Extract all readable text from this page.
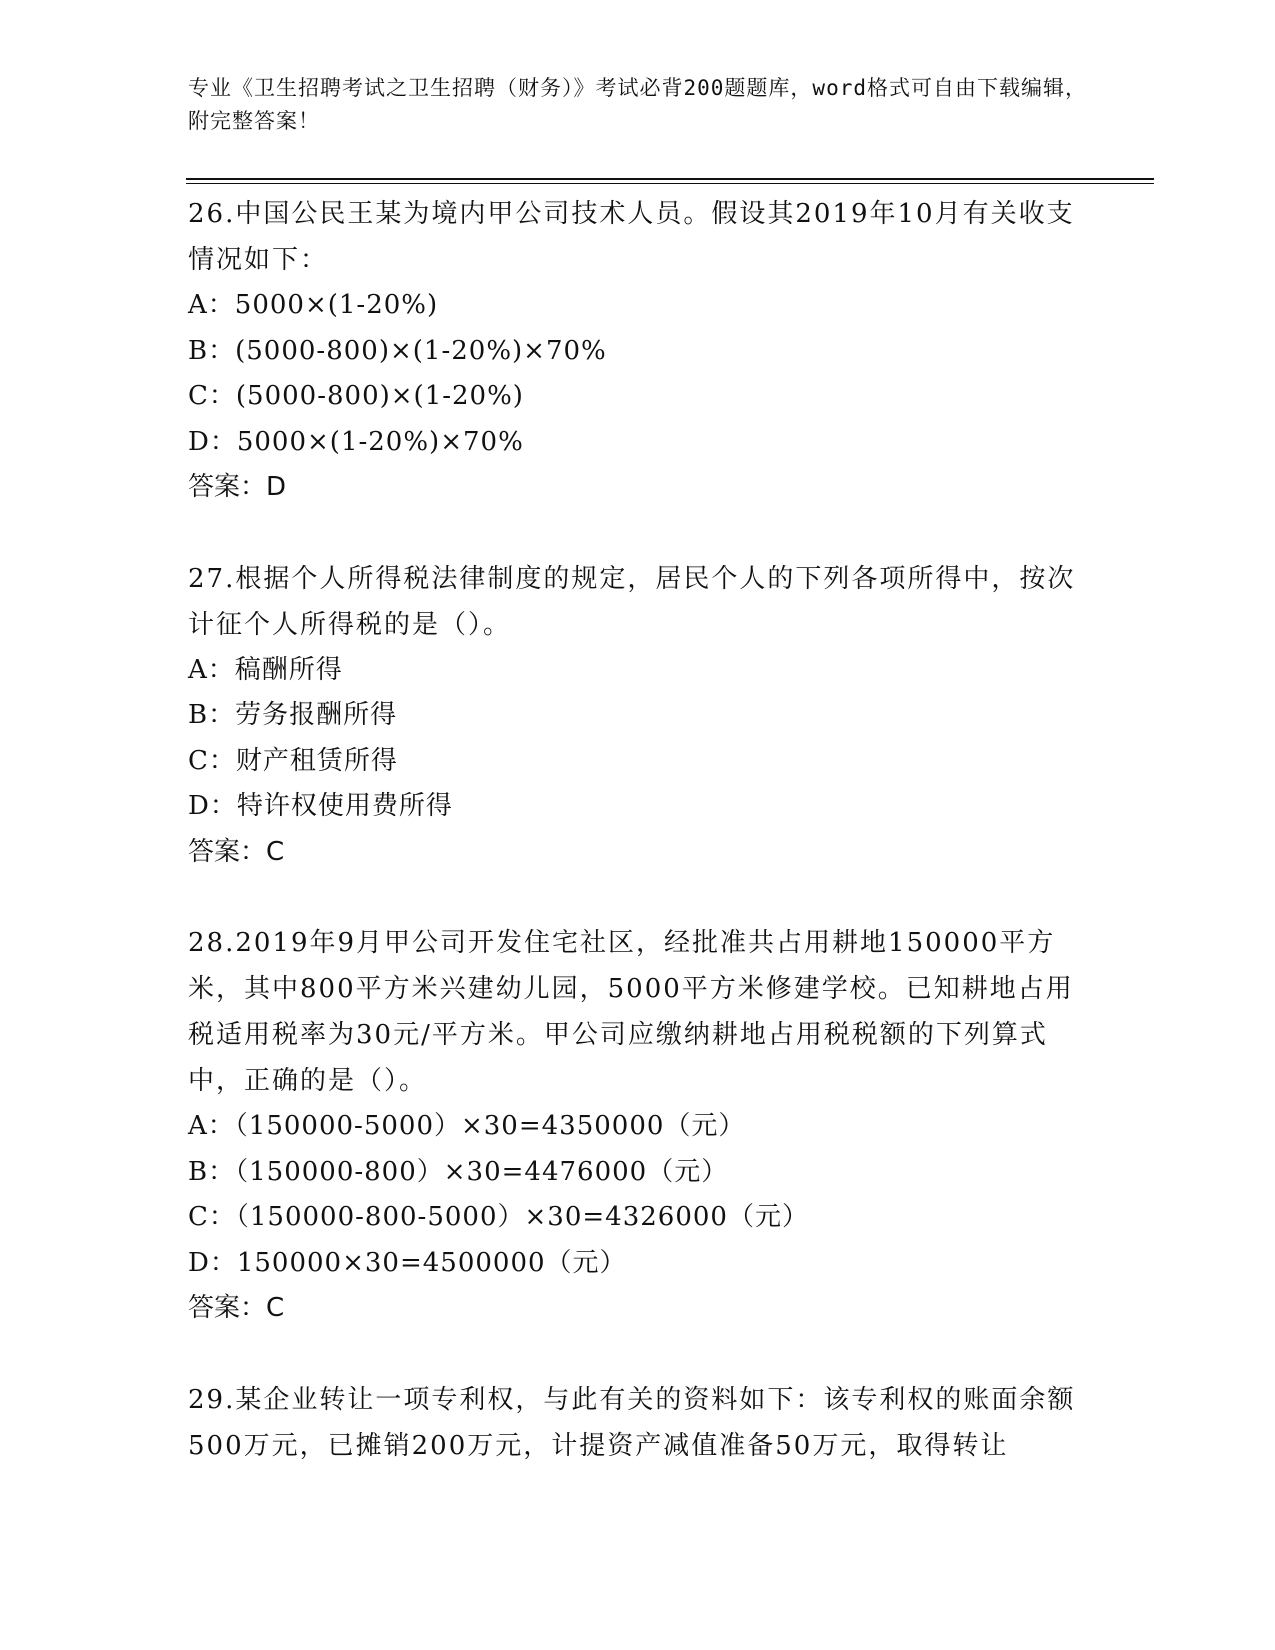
专业《卫生招聘考试之卫生招聘（财务）》考试必背200题题库，word格式可自由下载编辑，附完整答案！

26.中国公民王某为境内甲公司技术人员。假设其2019年10月有关收支情况如下：

A：5000×(1-20%)

B：(5000-800)×(1-20%)×70%

C：(5000-800)×(1-20%)

D：5000×(1-20%)×70%

答案：D

27.根据个人所得税法律制度的规定，居民个人的下列各项所得中，按次计征个人所得税的是（）。

A：稿酬所得

B：劳务报酬所得

C：财产租赁所得

D：特许权使用费所得

答案：C

28.2019年9月甲公司开发住宅社区，经批准共占用耕地150000平方米，其中800平方米兴建幼儿园，5000平方米修建学校。已知耕地占用税适用税率为30元/平方米。甲公司应缴纳耕地占用税税额的下列算式中，正确的是（）。

A：（150000-5000）×30=4350000（元）

B：（150000-800）×30=4476000（元）

C：（150000-800-5000）×30=4326000（元）

D：150000×30=4500000（元）

答案：C

29.某企业转让一项专利权，与此有关的资料如下：该专利权的账面余额500万元，已摊销200万元，计提资产减值准备50万元，取得转让
